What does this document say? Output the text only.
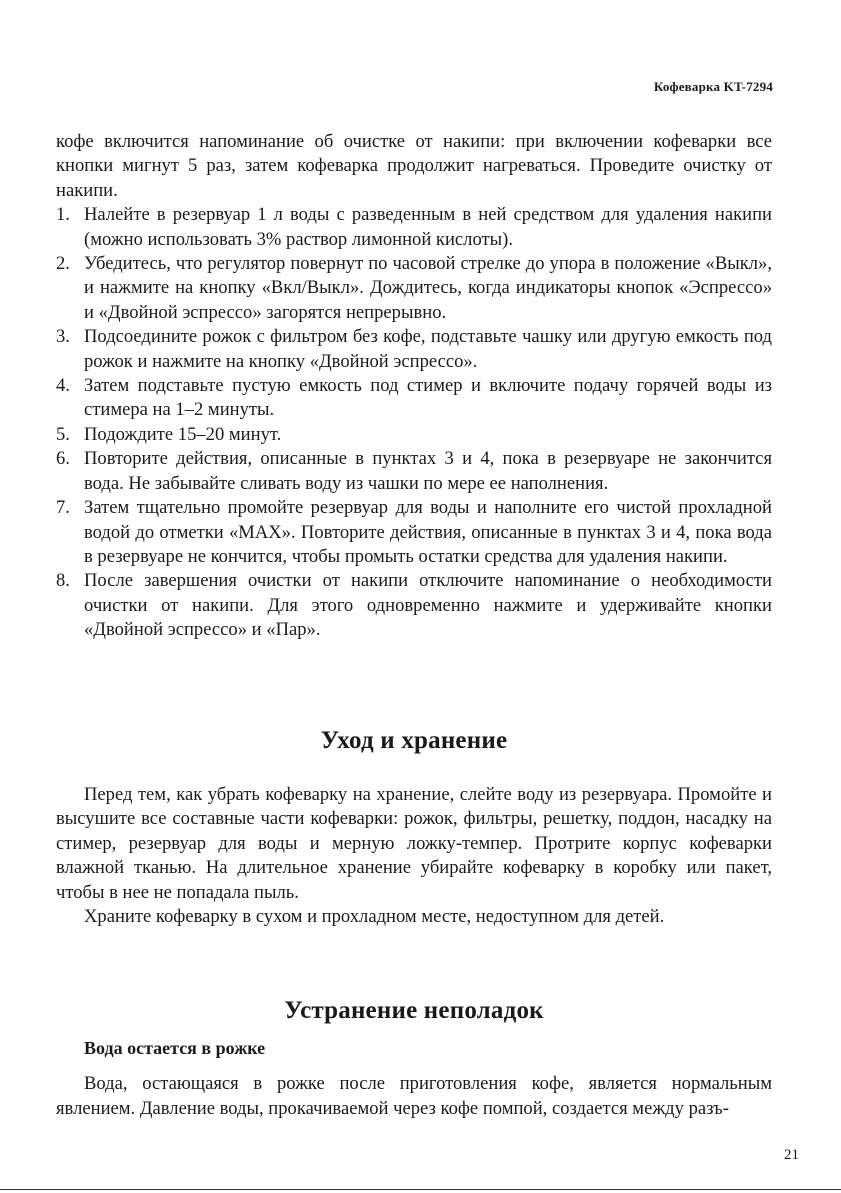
Кофеварка KT-7294

кофе включится напоминание об очистке от накипи: при включении кофеварки все кнопки мигнут 5 раз, затем кофеварка продолжит нагреваться. Проведите очистку от накипи.

1. Налейте в резервуар 1 л воды с разведенным в ней средством для удаления накипи (можно использовать 3% раствор лимонной кислоты).
2. Убедитесь, что регулятор повернут по часовой стрелке до упора в положение «Выкл», и нажмите на кнопку «Вкл/Выкл». Дождитесь, когда индикаторы кнопок «Эспрессо» и «Двойной эспрессо» загорятся непрерывно.
3. Подсоедините рожок с фильтром без кофе, подставьте чашку или другую емкость под рожок и нажмите на кнопку «Двойной эспрессо».
4. Затем подставьте пустую емкость под стимер и включите подачу горячей воды из стимера на 1–2 минуты.
5. Подождите 15–20 минут.
6. Повторите действия, описанные в пунктах 3 и 4, пока в резервуаре не закончится вода. Не забывайте сливать воду из чашки по мере ее наполнения.
7. Затем тщательно промойте резервуар для воды и наполните его чистой прохладной водой до отметки «MAX». Повторите действия, описанные в пунктах 3 и 4, пока вода в резервуаре не кончится, чтобы промыть остатки средства для удаления накипи.
8. После завершения очистки от накипи отключите напоминание о необходимости очистки от накипи. Для этого одновременно нажмите и удерживайте кнопки «Двойной эспрессо» и «Пар».
Уход и хранение

Перед тем, как убрать кофеварку на хранение, слейте воду из резервуара. Промойте и высушите все составные части кофеварки: рожок, фильтры, решетку, поддон, насадку на стимер, резервуар для воды и мерную ложку-темпер. Протрите корпус кофеварки влажной тканью. На длительное хранение убирайте кофеварку в коробку или пакет, чтобы в нее не попадала пыль.

Храните кофеварку в сухом и прохладном месте, недоступном для детей.

Устранение неполадок

Вода остается в рожке

Вода, остающаяся в рожке после приготовления кофе, является нормальным явлением. Давление воды, прокачиваемой через кофе помпой, создается между разъ-

21
